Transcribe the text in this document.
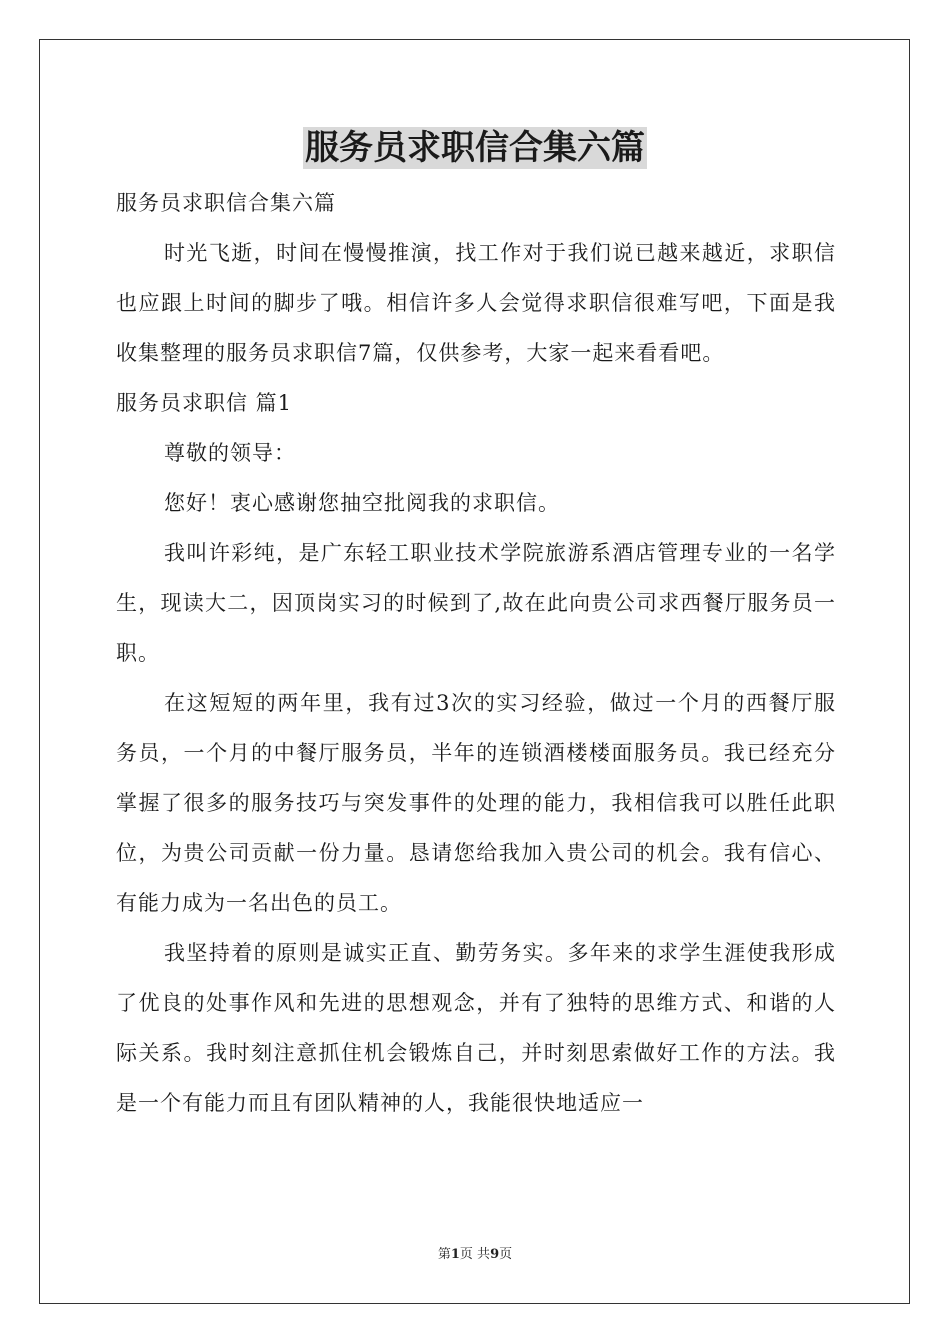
服务员求职信合集六篇

服务员求职信合集六篇

时光飞逝，时间在慢慢推演，找工作对于我们说已越来越近，求职信也应跟上时间的脚步了哦。相信许多人会觉得求职信很难写吧，下面是我收集整理的服务员求职信7篇，仅供参考，大家一起来看看吧。

服务员求职信 篇1

尊敬的领导：

您好！衷心感谢您抽空批阅我的求职信。

我叫许彩纯，是广东轻工职业技术学院旅游系酒店管理专业的一名学生，现读大二，因顶岗实习的时候到了,故在此向贵公司求西餐厅服务员一职。

在这短短的两年里，我有过3次的实习经验，做过一个月的西餐厅服务员，一个月的中餐厅服务员，半年的连锁酒楼楼面服务员。我已经充分掌握了很多的服务技巧与突发事件的处理的能力，我相信我可以胜任此职位，为贵公司贡献一份力量。恳请您给我加入贵公司的机会。我有信心、有能力成为一名出色的员工。

我坚持着的原则是诚实正直、勤劳务实。多年来的求学生涯使我形成了优良的处事作风和先进的思想观念，并有了独特的思维方式、和谐的人际关系。我时刻注意抓住机会锻炼自己，并时刻思索做好工作的方法。我是一个有能力而且有团队精神的人，我能很快地适应一

第1页 共9页
